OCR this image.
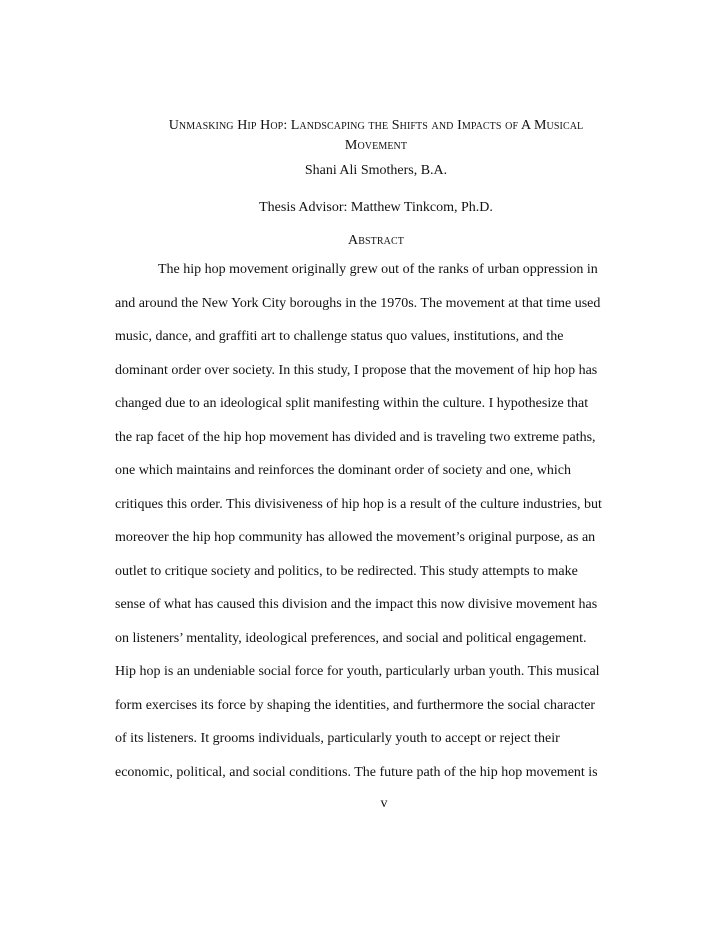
Unmasking Hip Hop: Landscaping the Shifts and Impacts of A Musical
Movement

Shani Ali Smothers, B.A.

Thesis Advisor: Matthew Tinkcom, Ph.D.

Abstract
The hip hop movement originally grew out of the ranks of urban oppression in
and around the New York City boroughs in the 1970s. The movement at that time used
music, dance, and graffiti art to challenge status quo values, institutions, and the
dominant order over society. In this study, I propose that the movement of hip hop has
changed due to an ideological split manifesting within the culture. I hypothesize that
the rap facet of the hip hop movement has divided and is traveling two extreme paths,
one which maintains and reinforces the dominant order of society and one, which
critiques this order. This divisiveness of hip hop is a result of the culture industries, but
moreover the hip hop community has allowed the movement’s original purpose, as an
outlet to critique society and politics, to be redirected. This study attempts to make
sense of what has caused this division and the impact this now divisive movement has
on listeners’ mentality, ideological preferences, and social and political engagement.
Hip hop is an undeniable social force for youth, particularly urban youth. This musical
form exercises its force by shaping the identities, and furthermore the social character
of its listeners. It grooms individuals, particularly youth to accept or reject their
economic, political, and social conditions. The future path of the hip hop movement is

v
